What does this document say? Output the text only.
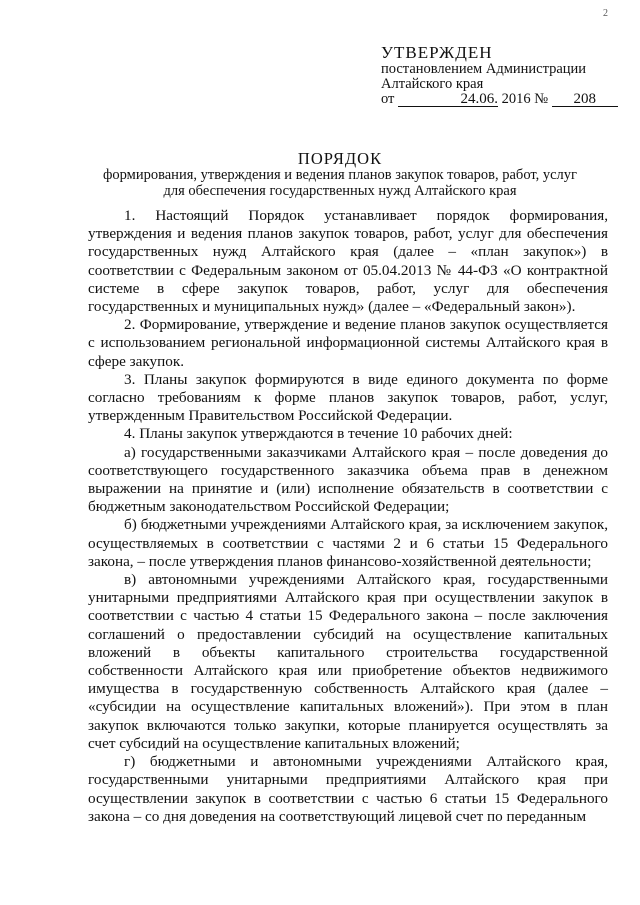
2
УТВЕРЖДЕН
постановлением Администрации
Алтайского края
от	24.06. 2016 № 208
ПОРЯДОК
формирования, утверждения и ведения планов закупок товаров, работ, услуг
для обеспечения государственных нужд Алтайского края

1. Настоящий Порядок устанавливает порядок формирования, утверждения и ведения планов закупок товаров, работ, услуг для обеспечения государственных нужд Алтайского края (далее – «план закупок») в соответствии с Федеральным законом от 05.04.2013 № 44-ФЗ «О контрактной системе в сфере закупок товаров, работ, услуг для обеспечения государственных и муниципальных нужд» (далее – «Федеральный закон»).

2. Формирование, утверждение и ведение планов закупок осуществляется с использованием региональной информационной системы Алтайского края в сфере закупок.

3. Планы закупок формируются в виде единого документа по форме согласно требованиям к форме планов закупок товаров, работ, услуг, утвержденным Правительством Российской Федерации.

4. Планы закупок утверждаются в течение 10 рабочих дней:

а) государственными заказчиками Алтайского края – после доведения до соответствующего государственного заказчика объема прав в денежном выражении на принятие и (или) исполнение обязательств в соответствии с бюджетным законодательством Российской Федерации;

б) бюджетными учреждениями Алтайского края, за исключением закупок, осуществляемых в соответствии с частями 2 и 6 статьи 15 Федерального закона, – после утверждения планов финансово-хозяйственной деятельности;

в) автономными учреждениями Алтайского края, государственными унитарными предприятиями Алтайского края при осуществлении закупок в соответствии с частью 4 статьи 15 Федерального закона – после заключения соглашений о предоставлении субсидий на осуществление капитальных вложений в объекты капитального строительства государственной собственности Алтайского края или приобретение объектов недвижимого имущества в государственную собственность Алтайского края (далее – «субсидии на осуществление капитальных вложений»). При этом в план закупок включаются только закупки, которые планируется осуществлять за счет субсидий на осуществление капитальных вложений;

г) бюджетными и автономными учреждениями Алтайского края, государственными унитарными предприятиями Алтайского края при осуществлении закупок в соответствии с частью 6 статьи 15 Федерального закона – со дня доведения на соответствующий лицевой счет по переданным
